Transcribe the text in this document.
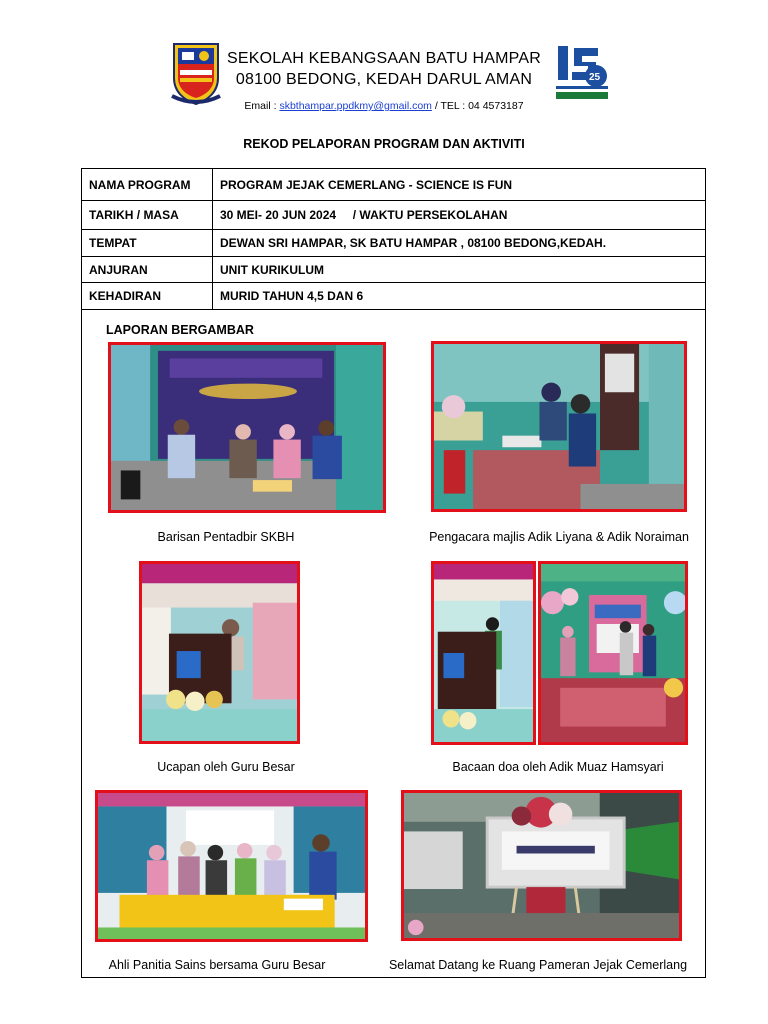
25
SEKOLAH KEBANGSAAN BATU HAMPAR
08100 BEDONG, KEDAH DARUL AMAN
Email : skbthampar.ppdkmy@gmail.com / TEL : 04 4573187
REKOD PELAPORAN PROGRAM DAN AKTIVITI
NAMA PROGRAM	PROGRAM JEJAK CEMERLANG - SCIENCE IS FUN
TARIKH / MASA	30 MEI- 20 JUN 2024     / WAKTU PERSEKOLAHAN
TEMPAT	DEWAN SRI HAMPAR, SK BATU HAMPAR , 08100 BEDONG,KEDAH.
ANJURAN	UNIT KURIKULUM
KEHADIRAN	MURID TAHUN 4,5 DAN 6
LAPORAN BERGAMBAR
Barisan Pentadbir SKBH	Pengacara majlis Adik Liyana & Adik Noraiman
Ucapan oleh Guru Besar	Bacaan doa oleh Adik Muaz Hamsyari
Ahli Panitia Sains bersama Guru Besar	Selamat Datang ke Ruang Pameran Jejak Cemerlang
